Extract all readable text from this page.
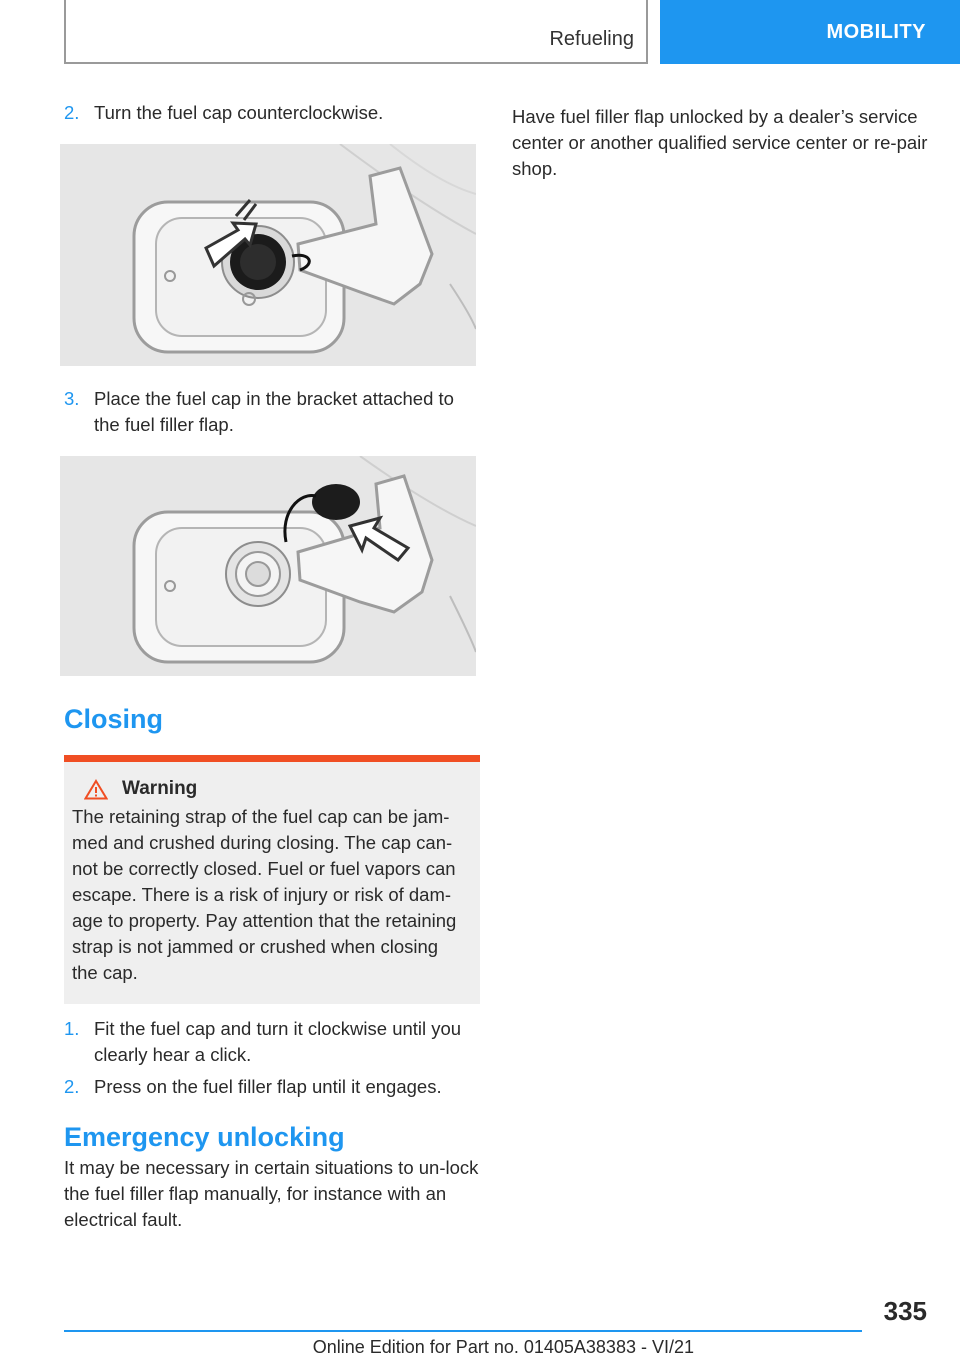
Refueling	MOBILITY
2. Turn the fuel cap counterclockwise.
3. Place the fuel cap in the bracket attached to the fuel filler flap.
Closing
Warning
The retaining strap of the fuel cap can be jam-med and crushed during closing. The cap can-not be correctly closed. Fuel or fuel vapors can escape. There is a risk of injury or risk of dam-age to property. Pay attention that the retaining strap is not jammed or crushed when closing the cap.
1. Fit the fuel cap and turn it clockwise until you clearly hear a click.
2. Press on the fuel filler flap until it engages.
Emergency unlocking
It may be necessary in certain situations to un-lock the fuel filler flap manually, for instance with an electrical fault.
Have fuel filler flap unlocked by a dealer’s service center or another qualified service center or re-pair shop.
335
Online Edition for Part no. 01405A38383 - VI/21
